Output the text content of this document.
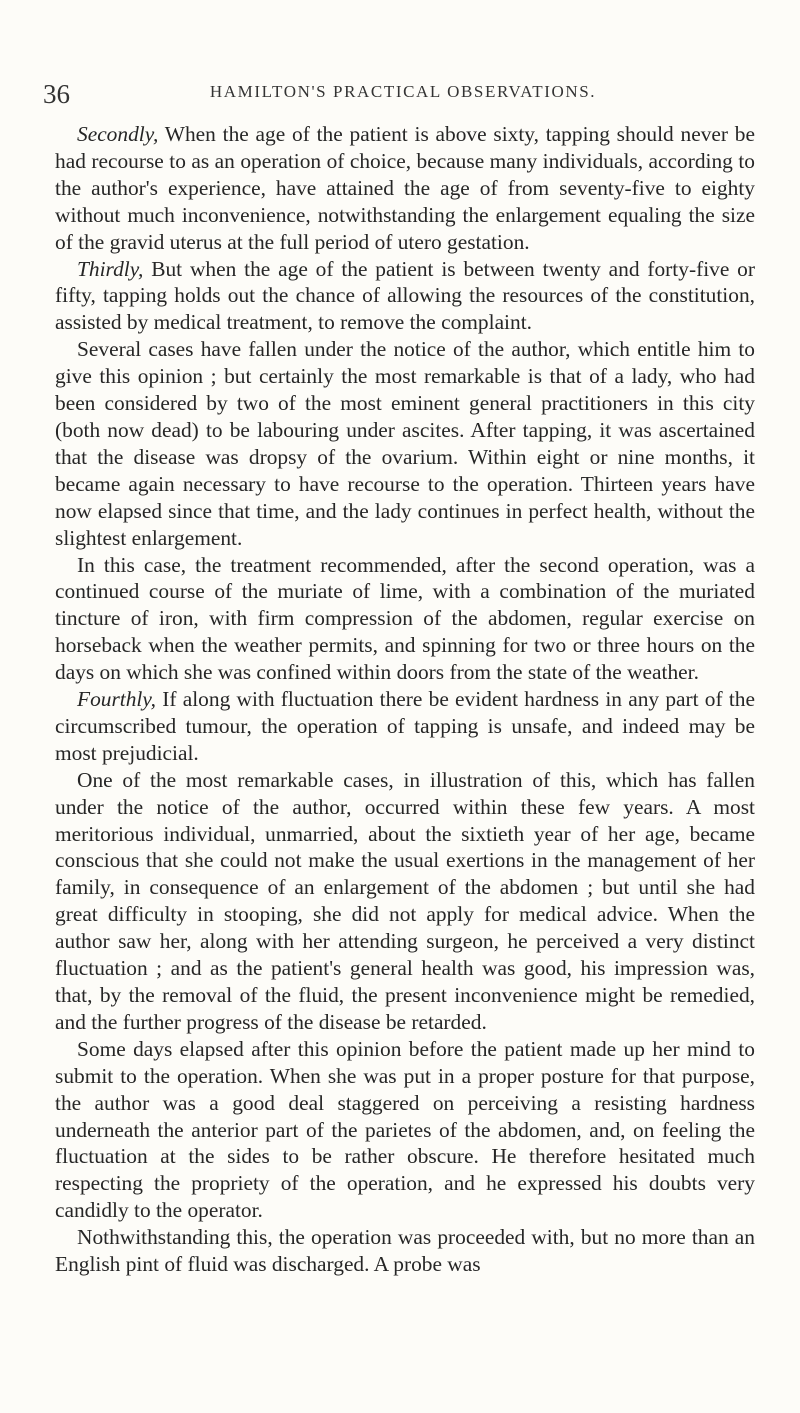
36	HAMILTON'S PRACTICAL OBSERVATIONS.

Secondly, When the age of the patient is above sixty, tapping should never be had recourse to as an operation of choice, because many individuals, according to the author's experience, have attained the age of from seventy-five to eighty without much inconvenience, notwithstanding the enlargement equaling the size of the gravid uterus at the full period of utero gestation.

Thirdly, But when the age of the patient is between twenty and forty-five or fifty, tapping holds out the chance of allowing the resources of the constitution, assisted by medical treatment, to remove the complaint.

Several cases have fallen under the notice of the author, which entitle him to give this opinion ; but certainly the most remarkable is that of a lady, who had been considered by two of the most eminent general practitioners in this city (both now dead) to be labouring under ascites. After tapping, it was ascertained that the disease was dropsy of the ovarium. Within eight or nine months, it became again necessary to have recourse to the operation. Thirteen years have now elapsed since that time, and the lady continues in perfect health, without the slightest enlargement.

In this case, the treatment recommended, after the second operation, was a continued course of the muriate of lime, with a combination of the muriated tincture of iron, with firm compression of the abdomen, regular exercise on horseback when the weather permits, and spinning for two or three hours on the days on which she was confined within doors from the state of the weather.

Fourthly, If along with fluctuation there be evident hardness in any part of the circumscribed tumour, the operation of tapping is unsafe, and indeed may be most prejudicial.

One of the most remarkable cases, in illustration of this, which has fallen under the notice of the author, occurred within these few years. A most meritorious individual, unmarried, about the sixtieth year of her age, became conscious that she could not make the usual exertions in the management of her family, in consequence of an enlargement of the abdomen ; but until she had great difficulty in stooping, she did not apply for medical advice. When the author saw her, along with her attending surgeon, he perceived a very distinct fluctuation ; and as the patient's general health was good, his impression was, that, by the removal of the fluid, the present inconvenience might be remedied, and the further progress of the disease be retarded.

Some days elapsed after this opinion before the patient made up her mind to submit to the operation. When she was put in a proper posture for that purpose, the author was a good deal staggered on perceiving a resisting hardness underneath the anterior part of the parietes of the abdomen, and, on feeling the fluctuation at the sides to be rather obscure. He therefore hesitated much respecting the propriety of the operation, and he expressed his doubts very candidly to the operator.

Nothwithstanding this, the operation was proceeded with, but no more than an English pint of fluid was discharged. A probe was
